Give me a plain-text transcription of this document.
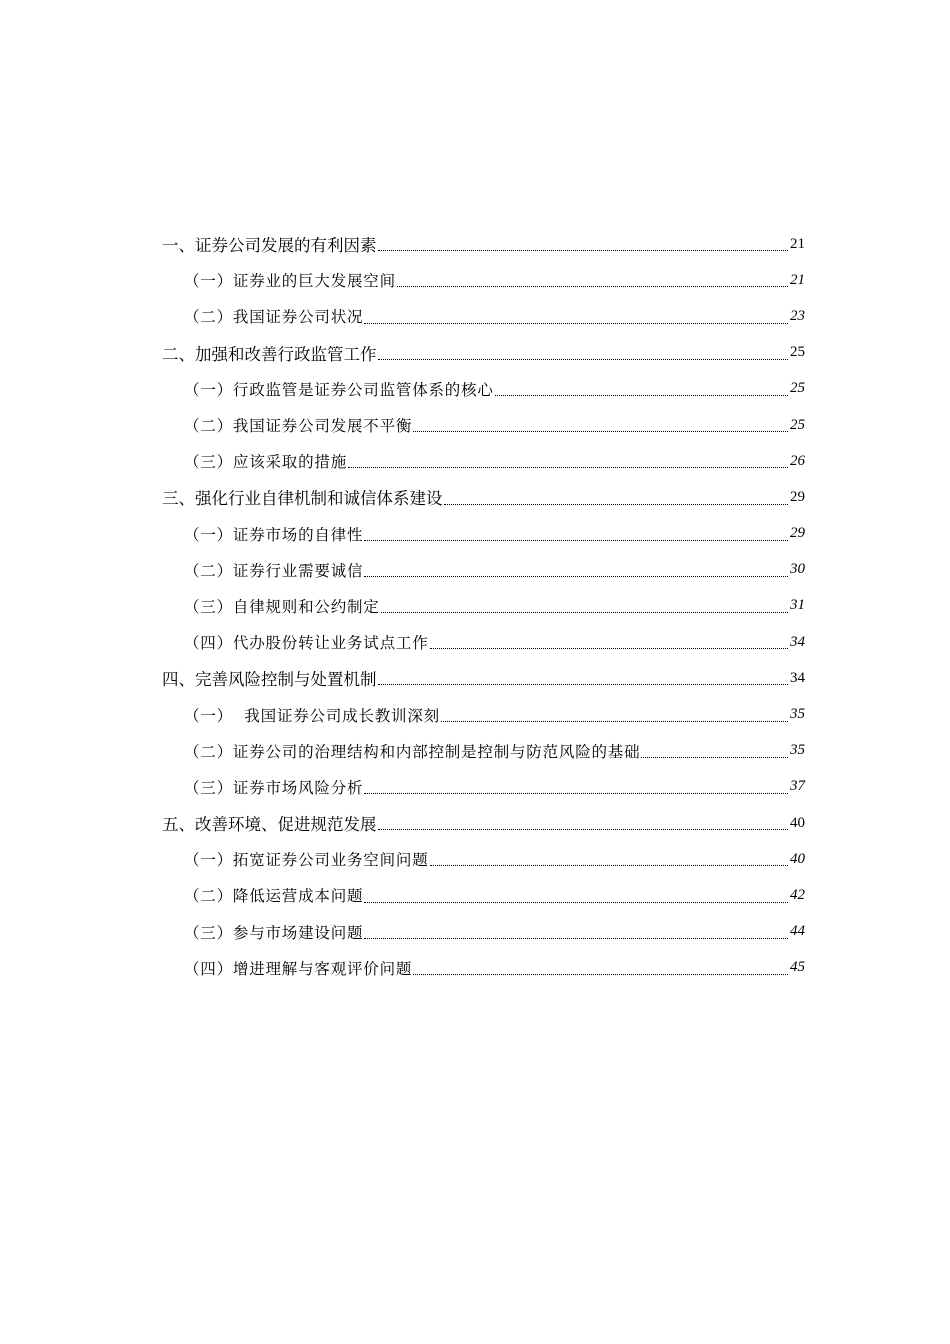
一、证券公司发展的有利因素	21
（一）证券业的巨大发展空间	21
（二）我国证券公司状况	23
二、加强和改善行政监管工作	25
（一）行政监管是证券公司监管体系的核心	25
（二）我国证券公司发展不平衡	25
（三）应该采取的措施	26
三、强化行业自律机制和诚信体系建设	29
（一）证券市场的自律性	29
（二）证券行业需要诚信	30
（三）自律规则和公约制定	31
（四）代办股份转让业务试点工作	34
四、完善风险控制与处置机制	34
（一）  我国证券公司成长教训深刻	35
（二）证券公司的治理结构和内部控制是控制与防范风险的基础	35
（三）证券市场风险分析	37
五、改善环境、促进规范发展	40
（一）拓宽证券公司业务空间问题	40
（二）降低运营成本问题	42
（三）参与市场建设问题	44
（四）增进理解与客观评价问题	45
